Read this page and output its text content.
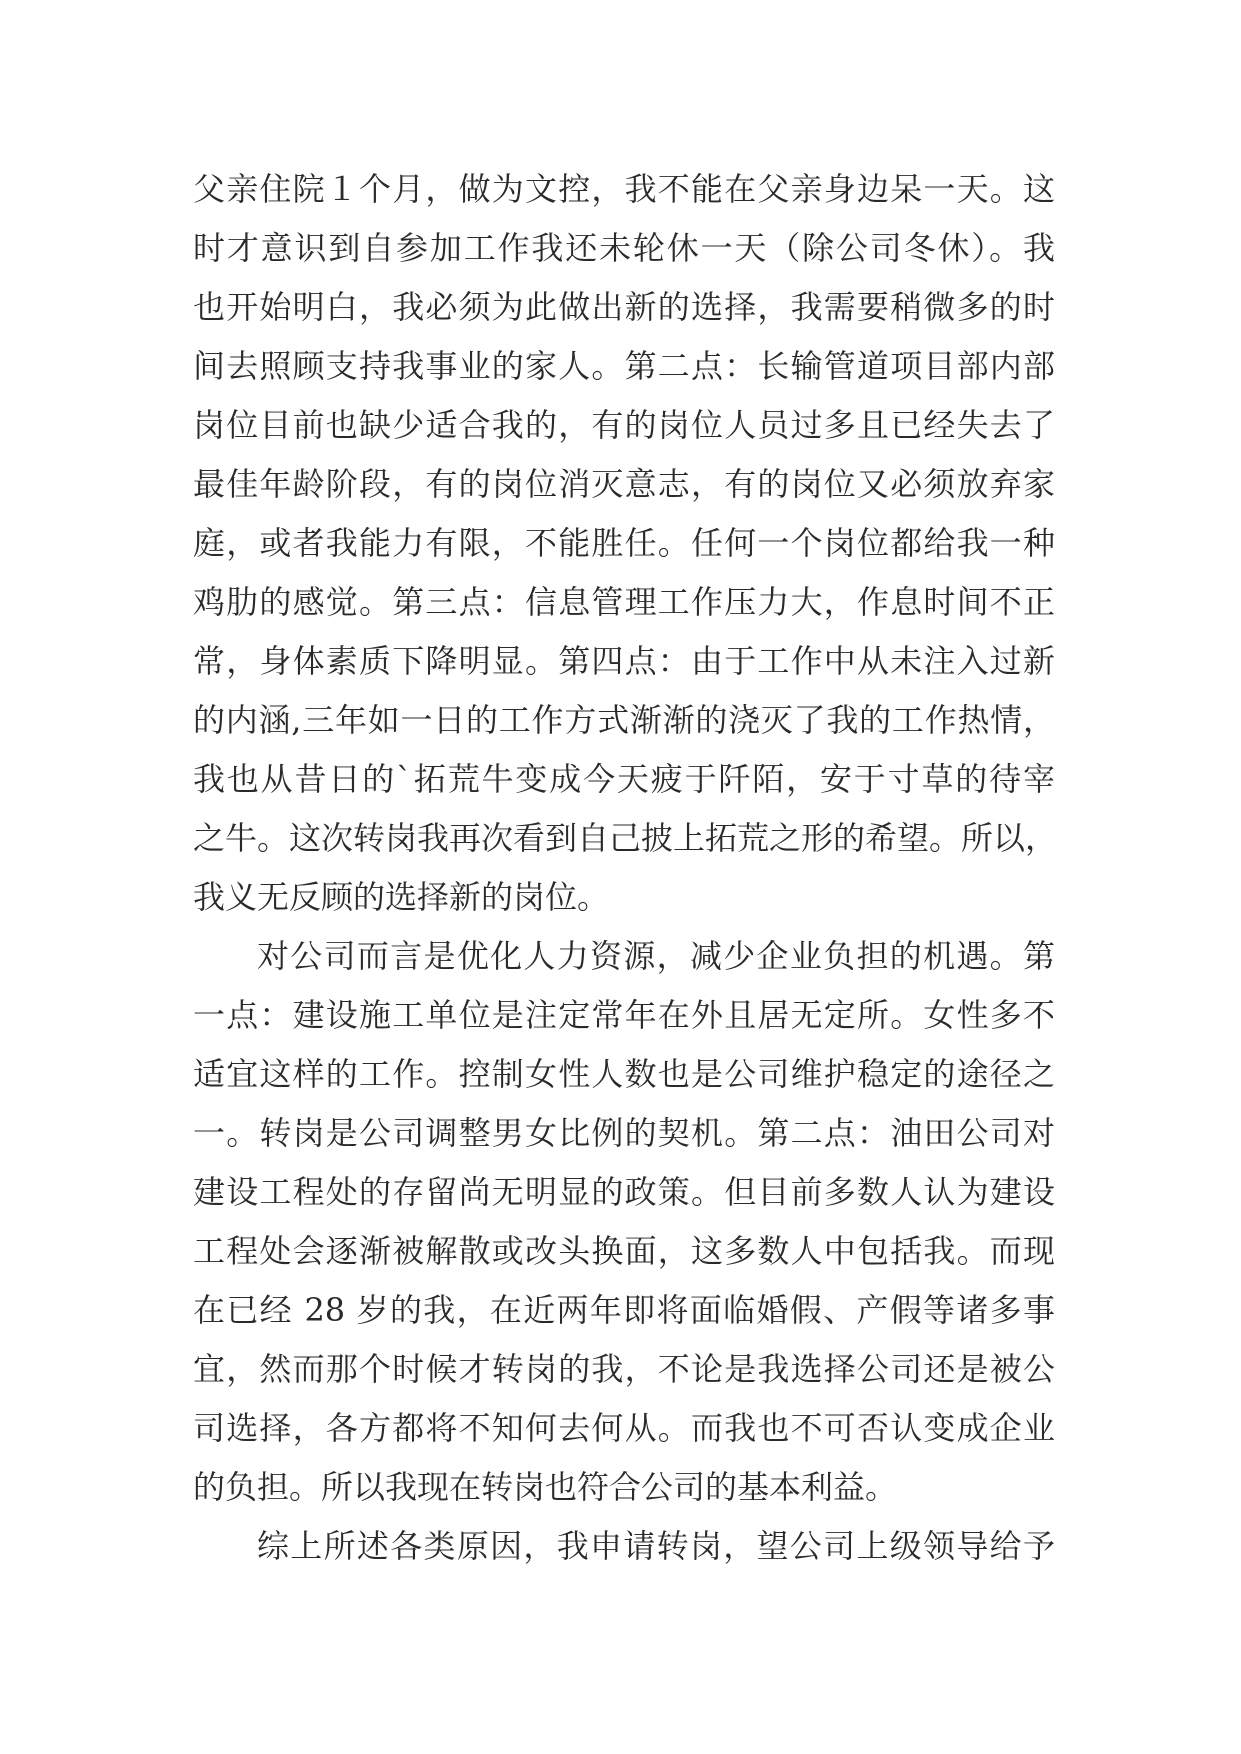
父亲住院１个月，做为文控，我不能在父亲身边呆一天。这
时才意识到自参加工作我还未轮休一天（除公司冬休）。我
也开始明白，我必须为此做出新的选择，我需要稍微多的时
间去照顾支持我事业的家人。第二点：长输管道项目部内部
岗位目前也缺少适合我的，有的岗位人员过多且已经失去了
最佳年龄阶段，有的岗位消灭意志，有的岗位又必须放弃家
庭，或者我能力有限，不能胜任。任何一个岗位都给我一种
鸡肋的感觉。第三点：信息管理工作压力大，作息时间不正
常，身体素质下降明显。第四点：由于工作中从未注入过新
的内涵,三年如一日的工作方式渐渐的浇灭了我的工作热情，
我也从昔日的`拓荒牛变成今天疲于阡陌，安于寸草的待宰
之牛。这次转岗我再次看到自己披上拓荒之形的希望。所以，
我义无反顾的选择新的岗位。
对公司而言是优化人力资源，减少企业负担的机遇。第
一点：建设施工单位是注定常年在外且居无定所。女性多不
适宜这样的工作。控制女性人数也是公司维护稳定的途径之
一。转岗是公司调整男女比例的契机。第二点：油田公司对
建设工程处的存留尚无明显的政策。但目前多数人认为建设
工程处会逐渐被解散或改头换面，这多数人中包括我。而现
在已经 28 岁的我，在近两年即将面临婚假、产假等诸多事
宜，然而那个时候才转岗的我，不论是我选择公司还是被公
司选择，各方都将不知何去何从。而我也不可否认变成企业
的负担。所以我现在转岗也符合公司的基本利益。
综上所述各类原因，我申请转岗，望公司上级领导给予
